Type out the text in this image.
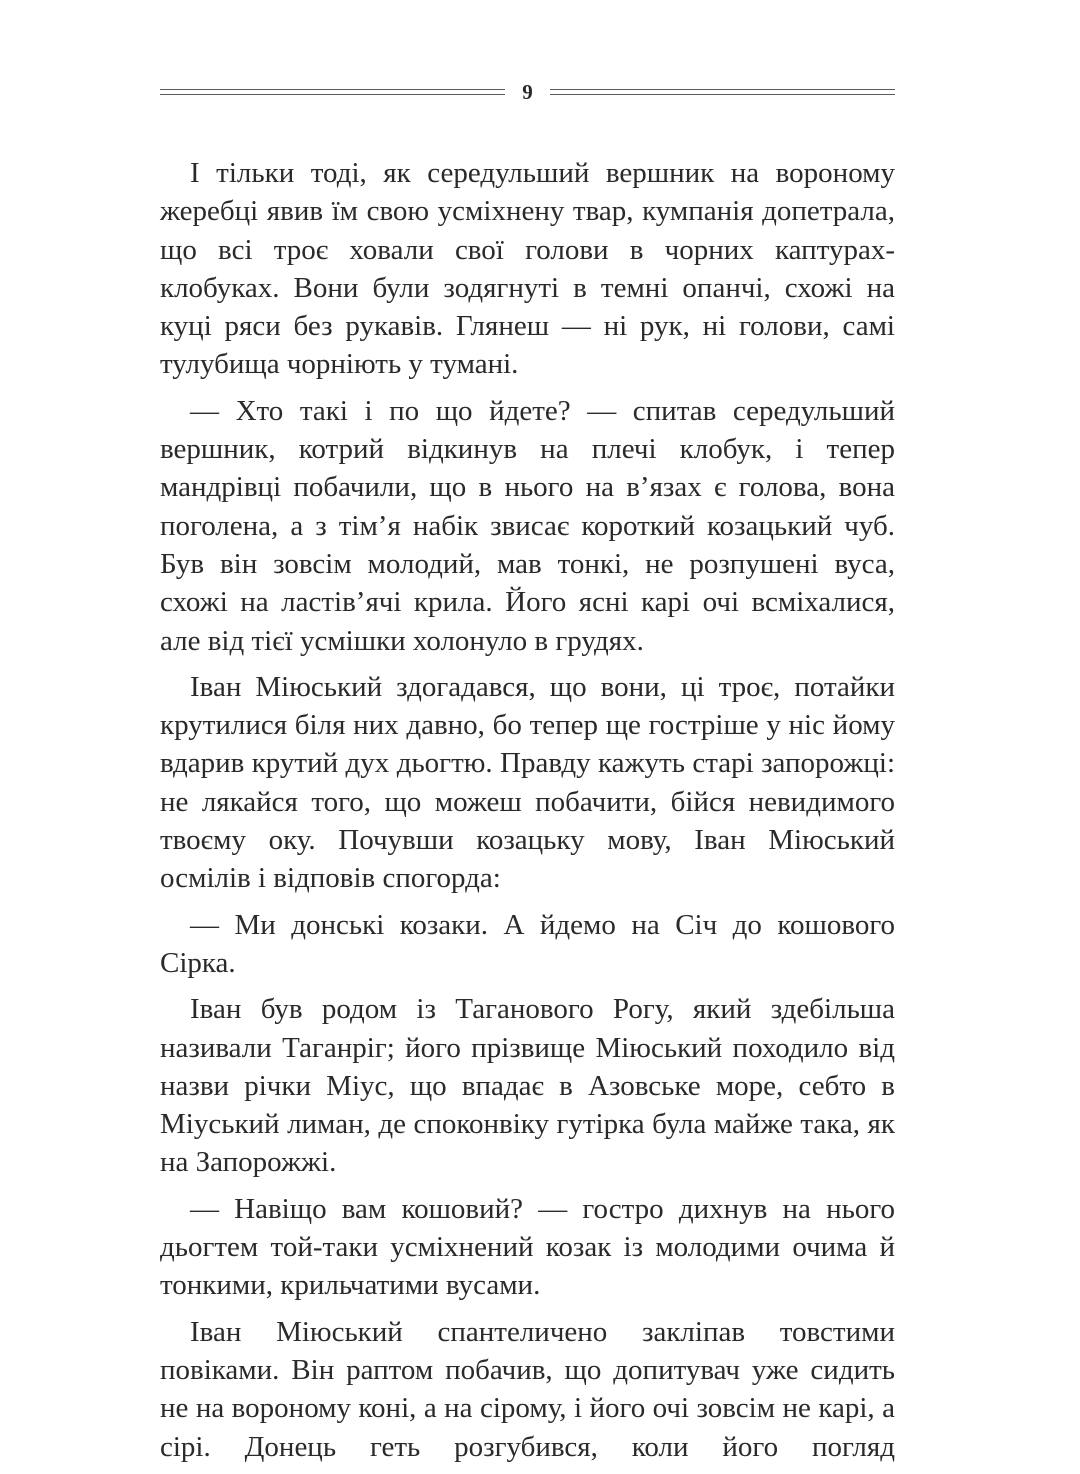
9

І тільки тоді, як середульший вершник на вороному жеребці явив їм свою усміхнену твар, кумпанія допетрала, що всі троє ховали свої голови в чорних каптурах-клобуках. Вони були зодягнуті в темні опанчі, схожі на куці ряси без рукавів. Глянеш — ні рук, ні голови, самі тулубища чорніють у тумані.

— Хто такі і по що йдете? — спитав середульший вершник, котрий відкинув на плечі клобук, і тепер мандрівці побачили, що в нього на в’язах є голова, вона поголена, а з тім’я набік звисає короткий козацький чуб. Був він зовсім молодий, мав тонкі, не розпушені вуса, схожі на ластів’ячі крила. Його ясні карі очі всміхалися, але від тієї усмішки холонуло в грудях.

Іван Міюський здогадався, що вони, ці троє, потайки крутилися біля них давно, бо тепер ще гостріше у ніс йому вдарив крутий дух дьогтю. Правду кажуть старі запорожці: не лякайся того, що можеш побачити, бійся невидимого твоєму оку. Почувши козацьку мову, Іван Міюський осмілів і відповів спогорда:

— Ми донські козаки. А йдемо на Січ до кошового Сірка.

Іван був родом із Таганового Рогу, який здебільша називали Таганріг; його прізвище Міюський походило від назви річки Міус, що впадає в Азовське море, себто в Міуський лиман, де споконвіку гутірка була майже така, як на Запорожжі.

— Навіщо вам кошовий? — гостро дихнув на нього дьогтем той-таки усміхнений козак із молодими очима й тонкими, крильчатими вусами.

Іван Міюський спантеличено закліпав товстими повіками. Він раптом побачив, що допитувач уже сидить не на вороному коні, а на сірому, і його очі зовсім не карі, а сірі. Донець геть розгубився, коли його погляд
